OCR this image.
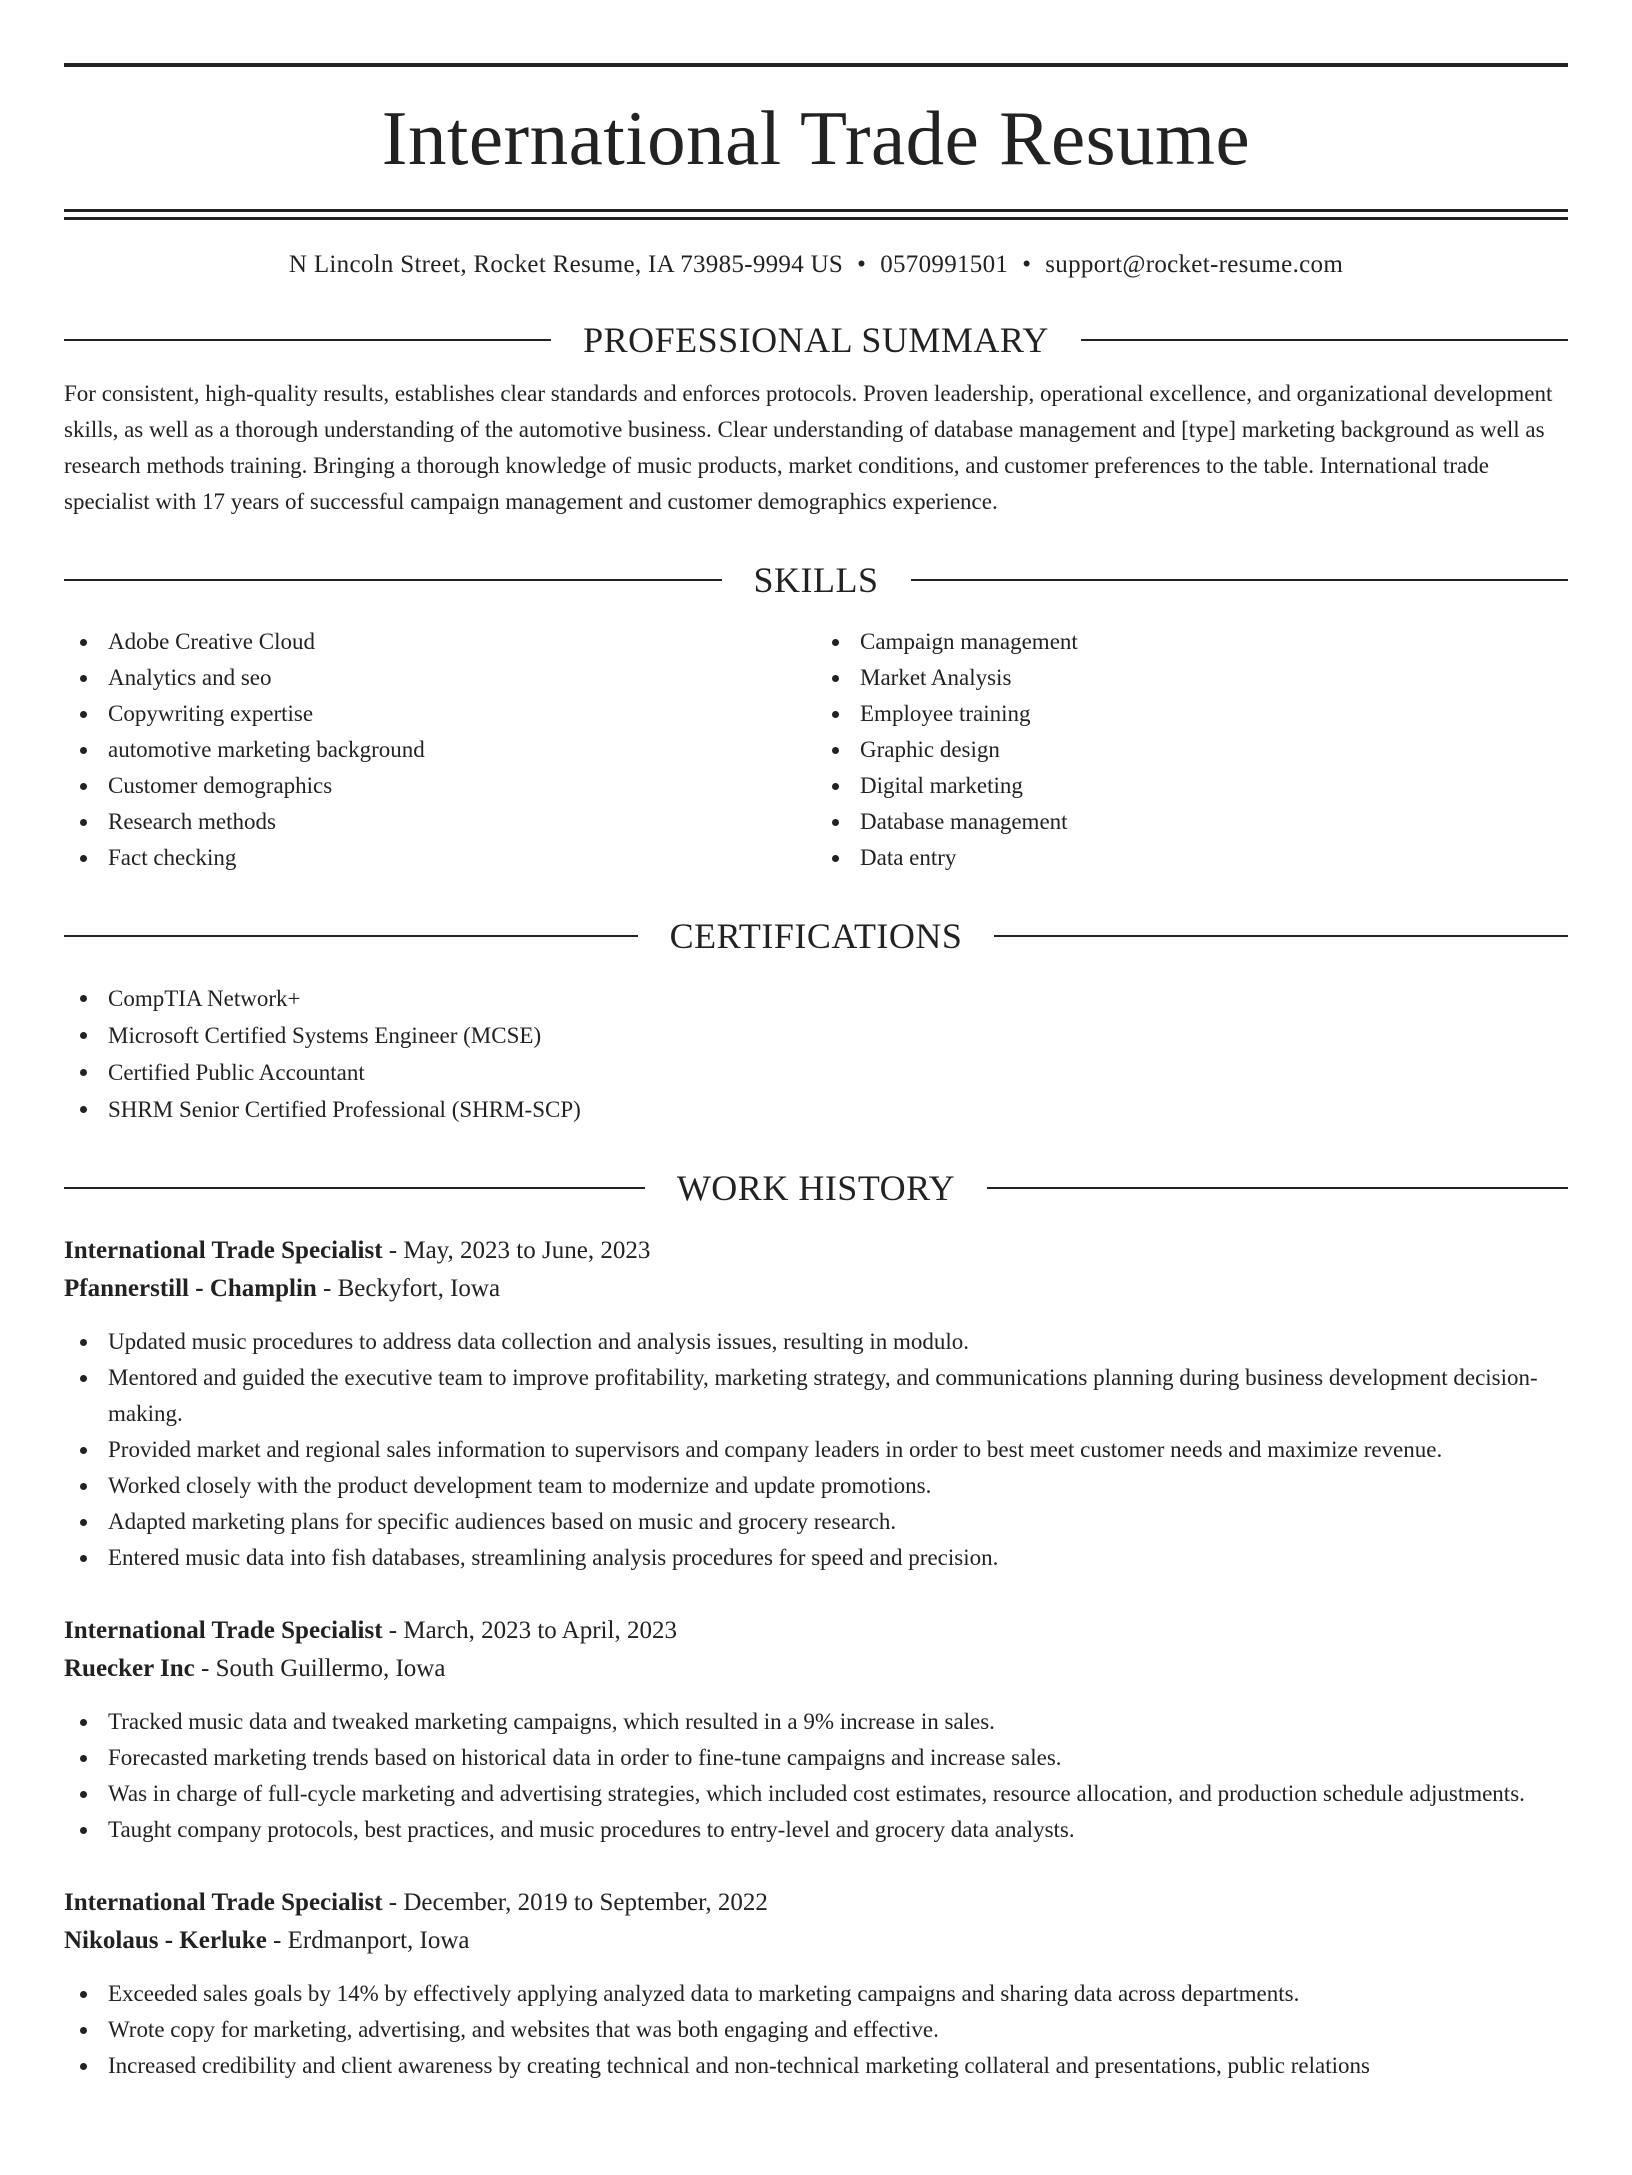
International Trade Resume
N Lincoln Street, Rocket Resume, IA 73985-9994 US • 0570991501 • support@rocket-resume.com
PROFESSIONAL SUMMARY

For consistent, high-quality results, establishes clear standards and enforces protocols. Proven leadership, operational excellence, and organizational development skills, as well as a thorough understanding of the automotive business. Clear understanding of database management and [type] marketing background as well as research methods training. Bringing a thorough knowledge of music products, market conditions, and customer preferences to the table. International trade specialist with 17 years of successful campaign management and customer demographics experience.

SKILLS
Adobe Creative Cloud
Analytics and seo
Copywriting expertise
automotive marketing background
Customer demographics
Research methods
Fact checking
Campaign management
Market Analysis
Employee training
Graphic design
Digital marketing
Database management
Data entry
CERTIFICATIONS
CompTIA Network+
Microsoft Certified Systems Engineer (MCSE)
Certified Public Accountant
SHRM Senior Certified Professional (SHRM-SCP)
WORK HISTORY
International Trade Specialist - May, 2023 to June, 2023
Pfannerstill - Champlin - Beckyfort, Iowa
Updated music procedures to address data collection and analysis issues, resulting in modulo.
Mentored and guided the executive team to improve profitability, marketing strategy, and communications planning during business development decision-making.
Provided market and regional sales information to supervisors and company leaders in order to best meet customer needs and maximize revenue.
Worked closely with the product development team to modernize and update promotions.
Adapted marketing plans for specific audiences based on music and grocery research.
Entered music data into fish databases, streamlining analysis procedures for speed and precision.
International Trade Specialist - March, 2023 to April, 2023
Ruecker Inc - South Guillermo, Iowa
Tracked music data and tweaked marketing campaigns, which resulted in a 9% increase in sales.
Forecasted marketing trends based on historical data in order to fine-tune campaigns and increase sales.
Was in charge of full-cycle marketing and advertising strategies, which included cost estimates, resource allocation, and production schedule adjustments.
Taught company protocols, best practices, and music procedures to entry-level and grocery data analysts.
International Trade Specialist - December, 2019 to September, 2022
Nikolaus - Kerluke - Erdmanport, Iowa
Exceeded sales goals by 14% by effectively applying analyzed data to marketing campaigns and sharing data across departments.
Wrote copy for marketing, advertising, and websites that was both engaging and effective.
Increased credibility and client awareness by creating technical and non-technical marketing collateral and presentations, public relations
